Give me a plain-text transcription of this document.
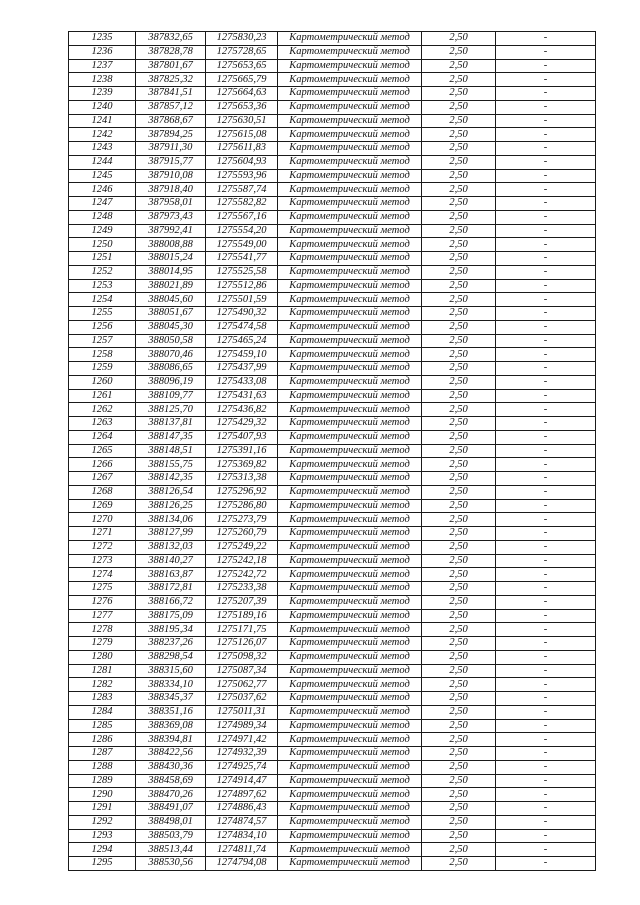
1235	387832,65	1275830,23	Картометрический метод	2,50	-
1236	387828,78	1275728,65	Картометрический метод	2,50	-
1237	387801,67	1275653,65	Картометрический метод	2,50	-
1238	387825,32	1275665,79	Картометрический метод	2,50	-
1239	387841,51	1275664,63	Картометрический метод	2,50	-
1240	387857,12	1275653,36	Картометрический метод	2,50	-
1241	387868,67	1275630,51	Картометрический метод	2,50	-
1242	387894,25	1275615,08	Картометрический метод	2,50	-
1243	387911,30	1275611,83	Картометрический метод	2,50	-
1244	387915,77	1275604,93	Картометрический метод	2,50	-
1245	387910,08	1275593,96	Картометрический метод	2,50	-
1246	387918,40	1275587,74	Картометрический метод	2,50	-
1247	387958,01	1275582,82	Картометрический метод	2,50	-
1248	387973,43	1275567,16	Картометрический метод	2,50	-
1249	387992,41	1275554,20	Картометрический метод	2,50	-
1250	388008,88	1275549,00	Картометрический метод	2,50	-
1251	388015,24	1275541,77	Картометрический метод	2,50	-
1252	388014,95	1275525,58	Картометрический метод	2,50	-
1253	388021,89	1275512,86	Картометрический метод	2,50	-
1254	388045,60	1275501,59	Картометрический метод	2,50	-
1255	388051,67	1275490,32	Картометрический метод	2,50	-
1256	388045,30	1275474,58	Картометрический метод	2,50	-
1257	388050,58	1275465,24	Картометрический метод	2,50	-
1258	388070,46	1275459,10	Картометрический метод	2,50	-
1259	388086,65	1275437,99	Картометрический метод	2,50	-
1260	388096,19	1275433,08	Картометрический метод	2,50	-
1261	388109,77	1275431,63	Картометрический метод	2,50	-
1262	388125,70	1275436,82	Картометрический метод	2,50	-
1263	388137,81	1275429,32	Картометрический метод	2,50	-
1264	388147,35	1275407,93	Картометрический метод	2,50	-
1265	388148,51	1275391,16	Картометрический метод	2,50	-
1266	388155,75	1275369,82	Картометрический метод	2,50	-
1267	388142,35	1275313,38	Картометрический метод	2,50	-
1268	388126,54	1275296,92	Картометрический метод	2,50	-
1269	388126,25	1275286,80	Картометрический метод	2,50	-
1270	388134,06	1275273,79	Картометрический метод	2,50	-
1271	388127,99	1275260,79	Картометрический метод	2,50	-
1272	388132,03	1275249,22	Картометрический метод	2,50	-
1273	388140,27	1275242,18	Картометрический метод	2,50	-
1274	388163,87	1275242,72	Картометрический метод	2,50	-
1275	388172,81	1275233,38	Картометрический метод	2,50	-
1276	388166,72	1275207,39	Картометрический метод	2,50	-
1277	388175,09	1275189,16	Картометрический метод	2,50	-
1278	388195,34	1275171,75	Картометрический метод	2,50	-
1279	388237,26	1275126,07	Картометрический метод	2,50	-
1280	388298,54	1275098,32	Картометрический метод	2,50	-
1281	388315,60	1275087,34	Картометрический метод	2,50	-
1282	388334,10	1275062,77	Картометрический метод	2,50	-
1283	388345,37	1275037,62	Картометрический метод	2,50	-
1284	388351,16	1275011,31	Картометрический метод	2,50	-
1285	388369,08	1274989,34	Картометрический метод	2,50	-
1286	388394,81	1274971,42	Картометрический метод	2,50	-
1287	388422,56	1274932,39	Картометрический метод	2,50	-
1288	388430,36	1274925,74	Картометрический метод	2,50	-
1289	388458,69	1274914,47	Картометрический метод	2,50	-
1290	388470,26	1274897,62	Картометрический метод	2,50	-
1291	388491,07	1274886,43	Картометрический метод	2,50	-
1292	388498,01	1274874,57	Картометрический метод	2,50	-
1293	388503,79	1274834,10	Картометрический метод	2,50	-
1294	388513,44	1274811,74	Картометрический метод	2,50	-
1295	388530,56	1274794,08	Картометрический метод	2,50	-
